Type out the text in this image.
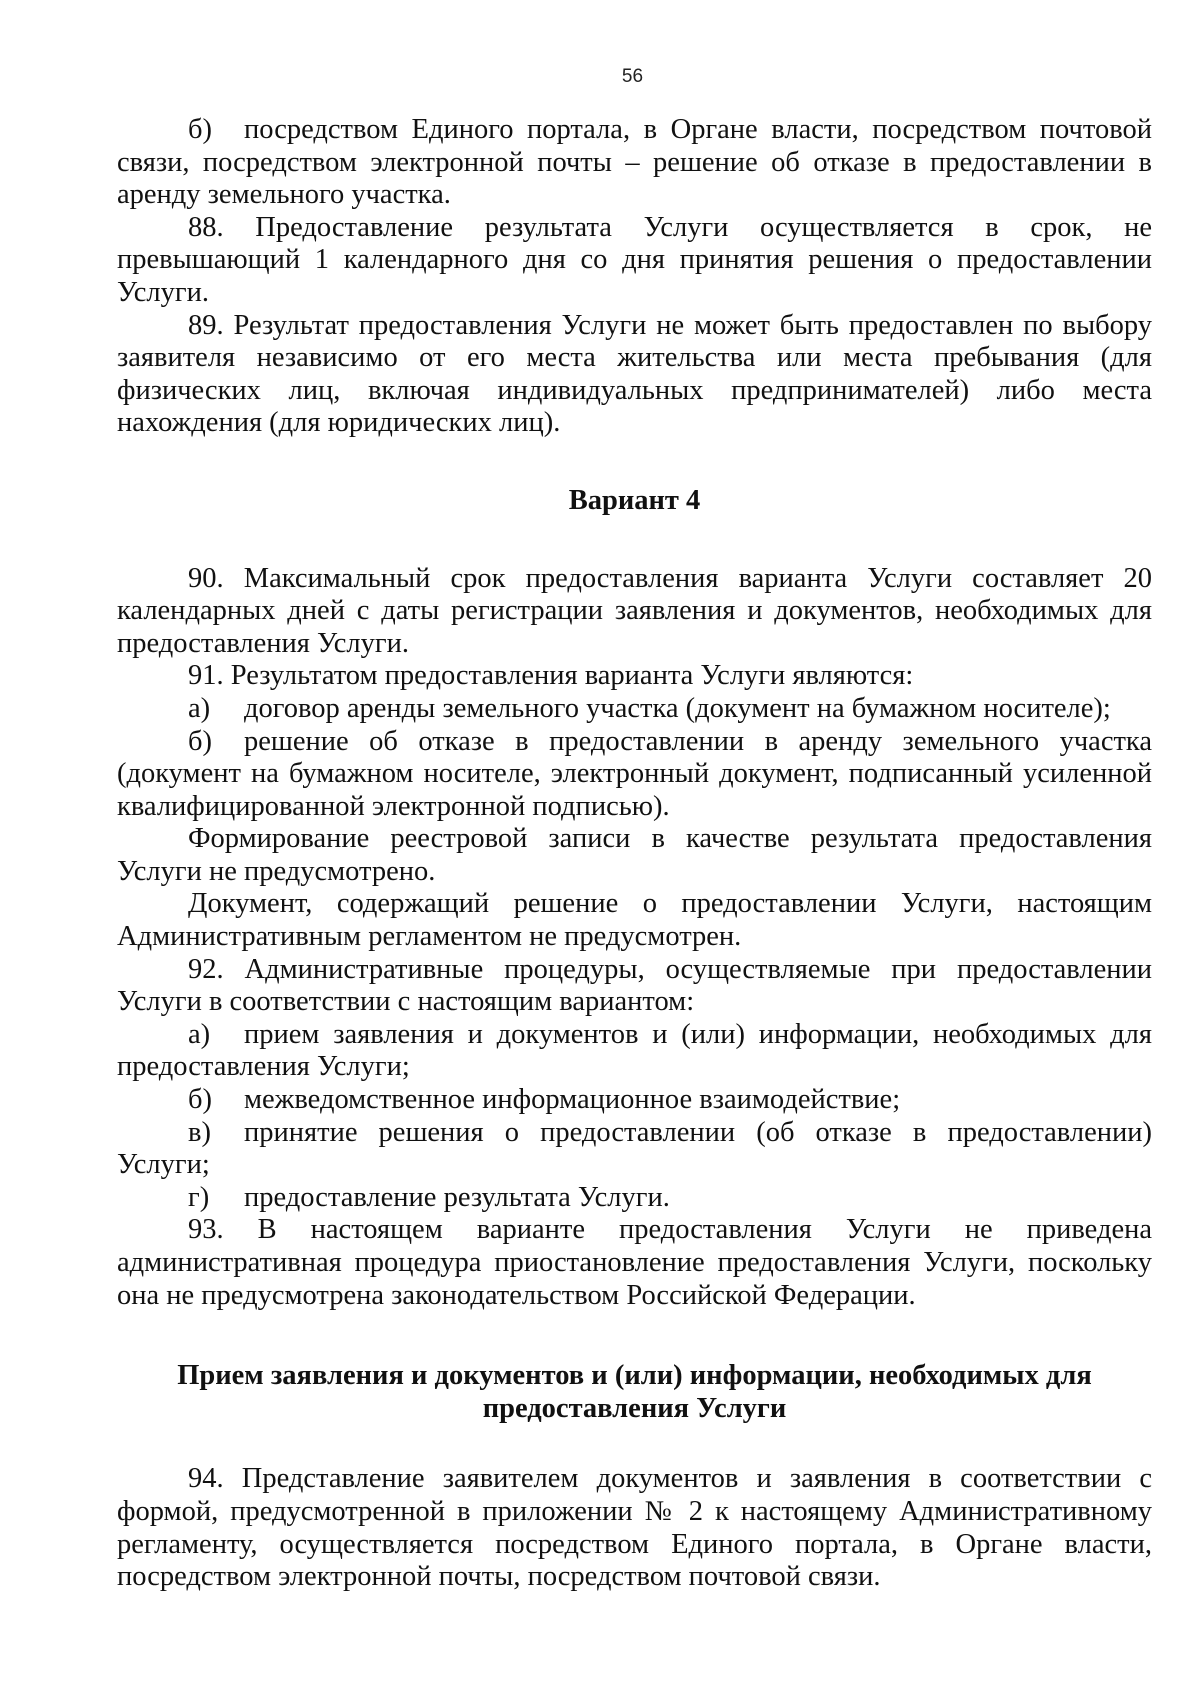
56

б) посредством Единого портала, в Органе власти, посредством почтовой связи, посредством электронной почты – решение об отказе в предоставлении в аренду земельного участка.

88. Предоставление результата Услуги осуществляется в срок, не превышающий 1 календарного дня со дня принятия решения о предоставлении Услуги.

89. Результат предоставления Услуги не может быть предоставлен по выбору заявителя независимо от его места жительства или места пребывания (для физических лиц, включая индивидуальных предпринимателей) либо места нахождения (для юридических лиц).

Вариант 4

90. Максимальный срок предоставления варианта Услуги составляет 20 календарных дней с даты регистрации заявления и документов, необходимых для предоставления Услуги.

91. Результатом предоставления варианта Услуги являются:

а) договор аренды земельного участка (документ на бумажном носителе);

б) решение об отказе в предоставлении в аренду земельного участка (документ на бумажном носителе, электронный документ, подписанный усиленной квалифицированной электронной подписью).

Формирование реестровой записи в качестве результата предоставления Услуги не предусмотрено.

Документ, содержащий решение о предоставлении Услуги, настоящим Административным регламентом не предусмотрен.

92. Административные процедуры, осуществляемые при предоставлении Услуги в соответствии с настоящим вариантом:

а) прием заявления и документов и (или) информации, необходимых для предоставления Услуги;

б) межведомственное информационное взаимодействие;

в) принятие решения о предоставлении (об отказе в предоставлении) Услуги;

г) предоставление результата Услуги.

93. В настоящем варианте предоставления Услуги не приведена административная процедура приостановление предоставления Услуги, поскольку она не предусмотрена законодательством Российской Федерации.

Прием заявления и документов и (или) информации, необходимых для предоставления Услуги

94. Представление заявителем документов и заявления в соответствии с формой, предусмотренной в приложении № 2 к настоящему Административному регламенту, осуществляется посредством Единого портала, в Органе власти, посредством электронной почты, посредством почтовой связи.
